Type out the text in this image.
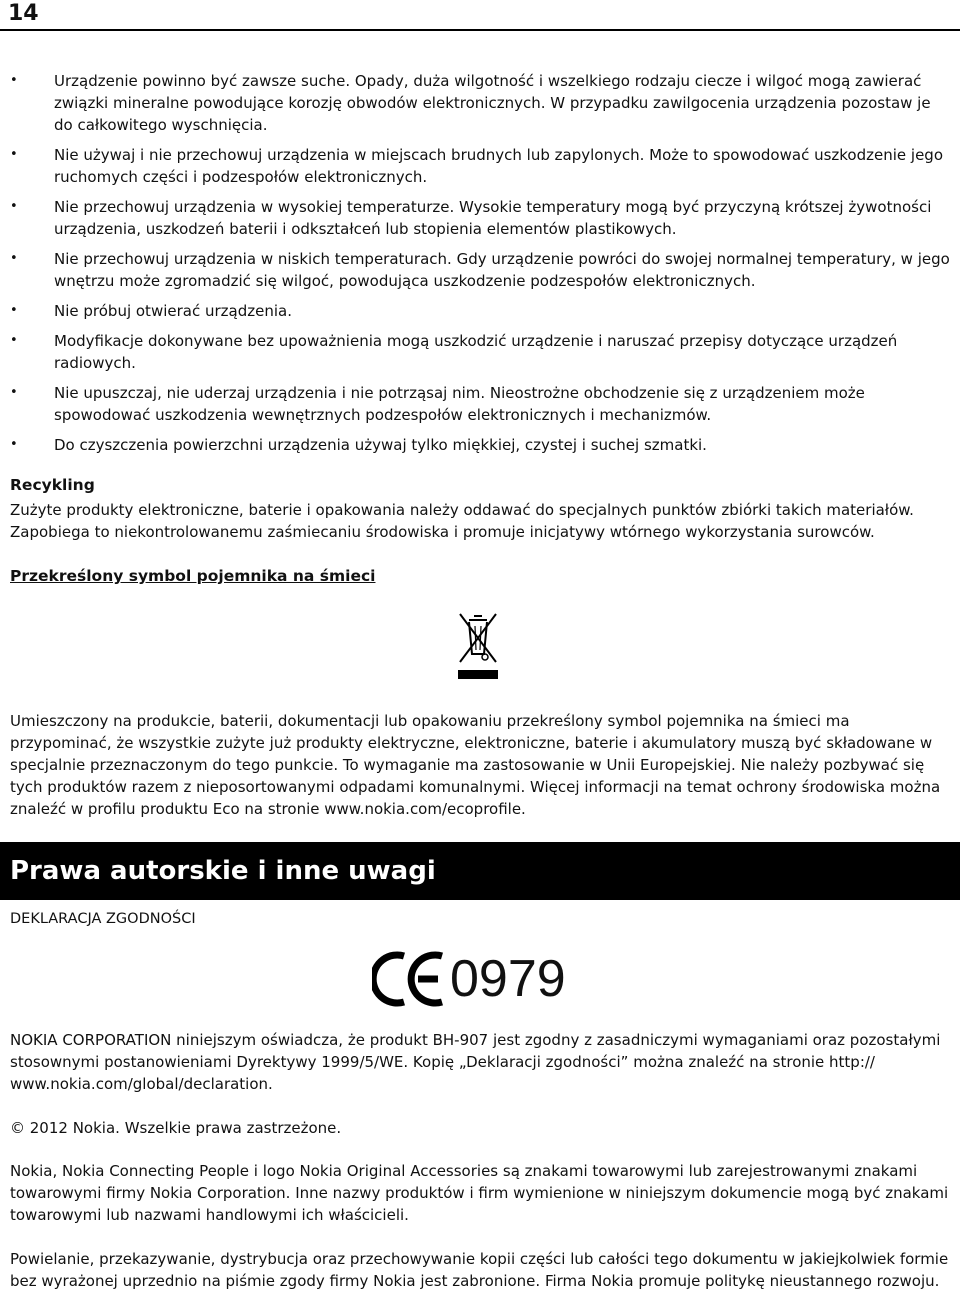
14
• Urządzenie powinno być zawsze suche. Opady, duża wilgotność i wszelkiego rodzaju ciecze i wilgoć mogą zawierać związki mineralne powodujące korozję obwodów elektronicznych. W przypadku zawilgocenia urządzenia pozostaw je do całkowitego wyschnięcia.
• Nie używaj i nie przechowuj urządzenia w miejscach brudnych lub zapylonych. Może to spowodować uszkodzenie jego ruchomych części i podzespołów elektronicznych.
• Nie przechowuj urządzenia w wysokiej temperaturze. Wysokie temperatury mogą być przyczyną krótszej żywotności urządzenia, uszkodzeń baterii i odkształceń lub stopienia elementów plastikowych.
• Nie przechowuj urządzenia w niskich temperaturach. Gdy urządzenie powróci do swojej normalnej temperatury, w jego wnętrzu może zgromadzić się wilgoć, powodująca uszkodzenie podzespołów elektronicznych.
• Nie próbuj otwierać urządzenia.
• Modyfikacje dokonywane bez upoważnienia mogą uszkodzić urządzenie i naruszać przepisy dotyczące urządzeń radiowych.
• Nie upuszczaj, nie uderzaj urządzenia i nie potrząsaj nim. Nieostrożne obchodzenie się z urządzeniem może spowodować uszkodzenia wewnętrznych podzespołów elektronicznych i mechanizmów.
• Do czyszczenia powierzchni urządzenia używaj tylko miękkiej, czystej i suchej szmatki.
Recykling

Zużyte produkty elektroniczne, baterie i opakowania należy oddawać do specjalnych punktów zbiórki takich materiałów. Zapobiega to niekontrolowanemu zaśmiecaniu środowiska i promuje inicjatywy wtórnego wykorzystania surowców.

Przekreślony symbol pojemnika na śmieci

Umieszczony na produkcie, baterii, dokumentacji lub opakowaniu przekreślony symbol pojemnika na śmieci ma przypominać, że wszystkie zużyte już produkty elektryczne, elektroniczne, baterie i akumulatory muszą być składowane w specjalnie przeznaczonym do tego punkcie. To wymaganie ma zastosowanie w Unii Europejskiej. Nie należy pozbywać się tych produktów razem z nieposortowanymi odpadami komunalnymi. Więcej informacji na temat ochrony środowiska można znaleźć w profilu produktu Eco na stronie www.nokia.com/ecoprofile.

Prawa autorskie i inne uwagi
DEKLARACJA ZGODNOŚCI
0979

NOKIA CORPORATION niniejszym oświadcza, że produkt BH-907 jest zgodny z zasadniczymi wymaganiami oraz pozostałymi stosownymi postanowieniami Dyrektywy 1999/5/WE. Kopię „Deklaracji zgodności” można znaleźć na stronie http:// www.nokia.com/global/declaration.

© 2012 Nokia. Wszelkie prawa zastrzeżone.

Nokia, Nokia Connecting People i logo Nokia Original Accessories są znakami towarowymi lub zarejestrowanymi znakami towarowymi firmy Nokia Corporation. Inne nazwy produktów i firm wymienione w niniejszym dokumencie mogą być znakami towarowymi lub nazwami handlowymi ich właścicieli.

Powielanie, przekazywanie, dystrybucja oraz przechowywanie kopii części lub całości tego dokumentu w jakiejkolwiek formie bez wyrażonej uprzednio na piśmie zgody firmy Nokia jest zabronione. Firma Nokia promuje politykę nieustannego rozwoju.
